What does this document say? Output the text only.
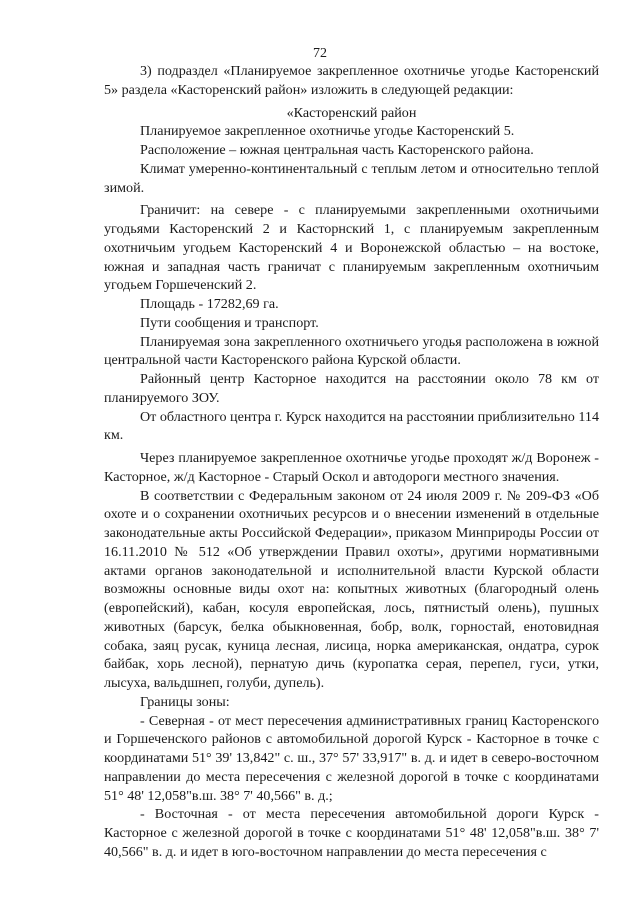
72

3) подраздел «Планируемое закрепленное охотничье угодье Касторенский 5» раздела «Касторенский район» изложить в следующей редакции:

«Касторенский район

Планируемое закрепленное охотничье угодье Касторенский 5.

Расположение – южная центральная часть Касторенского района.

Климат умеренно-континентальный с теплым летом и относительно теплой зимой.

Граничит: на севере - с планируемыми закрепленными охотничьими угодьями Касторенский 2 и Касторнский 1, с планируемым закрепленным охотничьим угодьем Касторенский 4 и Воронежской областью – на востоке, южная и западная часть граничат с планируемым закрепленным охотничьим угодьем Горшеченский 2.

Площадь - 17282,69 га.

Пути сообщения и транспорт.

Планируемая зона закрепленного охотничьего угодья расположена в южной центральной части Касторенского района Курской области.

Районный центр Касторное находится на расстоянии около 78 км от планируемого ЗОУ.

От областного центра г. Курск находится на расстоянии приблизительно 114 км.

Через планируемое закрепленное охотничье угодье проходят ж/д Воронеж - Касторное, ж/д Касторное - Старый Оскол и автодороги местного значения.

В соответствии с Федеральным законом от 24 июля 2009 г. № 209-ФЗ «Об охоте и о сохранении охотничьих ресурсов и о внесении изменений в отдельные законодательные акты Российской Федерации», приказом Минприроды России от 16.11.2010 № 512 «Об утверждении Правил охоты», другими нормативными актами органов законодательной и исполнительной власти Курской области возможны основные виды охот на: копытных животных (благородный олень (европейский), кабан, косуля европейская, лось, пятнистый олень), пушных животных (барсук, белка обыкновенная, бобр, волк, горностай, енотовидная собака, заяц русак, куница лесная, лисица, норка американская, ондатра, сурок байбак, хорь лесной), пернатую дичь (куропатка серая, перепел, гуси, утки, лысуха, вальдшнеп, голуби, дупель).

Границы зоны:

- Северная - от мест пересечения административных границ Касторенского и Горшеченского районов с автомобильной дорогой Курск - Касторное в точке с координатами 51° 39' 13,842" с. ш., 37° 57' 33,917" в. д. и идет в северо-восточном направлении до места пересечения с железной дорогой в точке с координатами 51° 48' 12,058"в.ш. 38° 7' 40,566" в. д.;

- Восточная - от места пересечения автомобильной дороги Курск - Касторное с железной дорогой в точке с координатами 51° 48' 12,058"в.ш. 38° 7' 40,566" в. д. и идет в юго-восточном направлении до места пересечения с
